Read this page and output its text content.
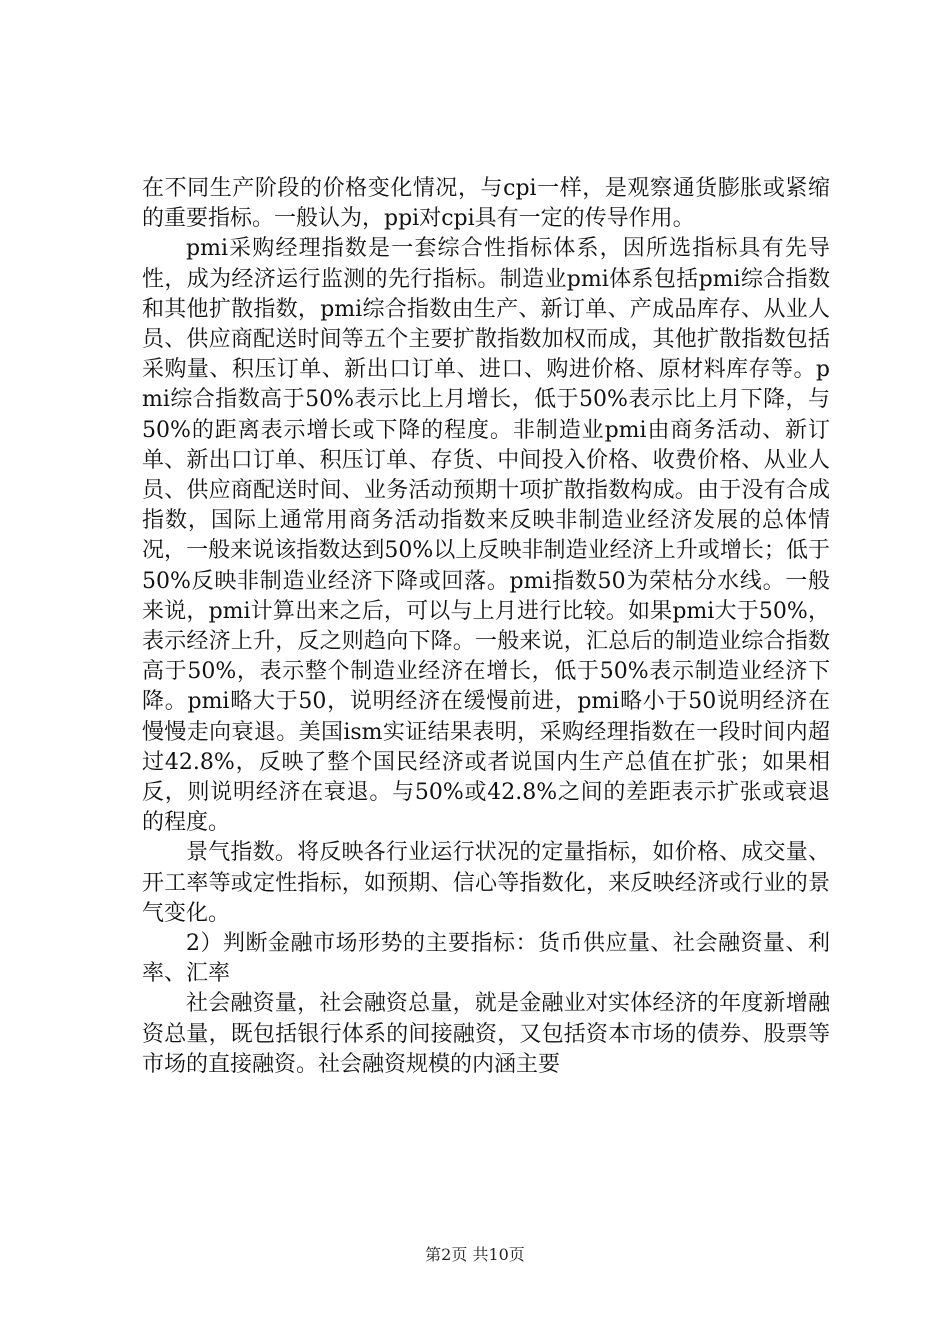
在不同生产阶段的价格变化情况，与cpi一样，是观察通货膨胀或紧缩的重要指标。一般认为，ppi对cpi具有一定的传导作用。

pmi采购经理指数是一套综合性指标体系，因所选指标具有先导性，成为经济运行监测的先行指标。制造业pmi体系包括pmi综合指数和其他扩散指数，pmi综合指数由生产、新订单、产成品库存、从业人员、供应商配送时间等五个主要扩散指数加权而成，其他扩散指数包括采购量、积压订单、新出口订单、进口、购进价格、原材料库存等。pmi综合指数高于50%表示比上月增长，低于50%表示比上月下降，与50%的距离表示增长或下降的程度。非制造业pmi由商务活动、新订单、新出口订单、积压订单、存货、中间投入价格、收费价格、从业人员、供应商配送时间、业务活动预期十项扩散指数构成。由于没有合成指数，国际上通常用商务活动指数来反映非制造业经济发展的总体情况，一般来说该指数达到50%以上反映非制造业经济上升或增长；低于50%反映非制造业经济下降或回落。pmi指数50为荣枯分水线。一般来说，pmi计算出来之后，可以与上月进行比较。如果pmi大于50%，表示经济上升，反之则趋向下降。一般来说，汇总后的制造业综合指数高于50%，表示整个制造业经济在增长，低于50%表示制造业经济下降。pmi略大于50，说明经济在缓慢前进，pmi略小于50说明经济在慢慢走向衰退。美国ism实证结果表明，采购经理指数在一段时间内超过42.8%，反映了整个国民经济或者说国内生产总值在扩张；如果相反，则说明经济在衰退。与50%或42.8%之间的差距表示扩张或衰退的程度。

景气指数。将反映各行业运行状况的定量指标，如价格、成交量、开工率等或定性指标，如预期、信心等指数化，来反映经济或行业的景气变化。

2）判断金融市场形势的主要指标：货币供应量、社会融资量、利率、汇率

社会融资量，社会融资总量，就是金融业对实体经济的年度新增融资总量，既包括银行体系的间接融资，又包括资本市场的债券、股票等市场的直接融资。社会融资规模的内涵主要

第2页 共10页
